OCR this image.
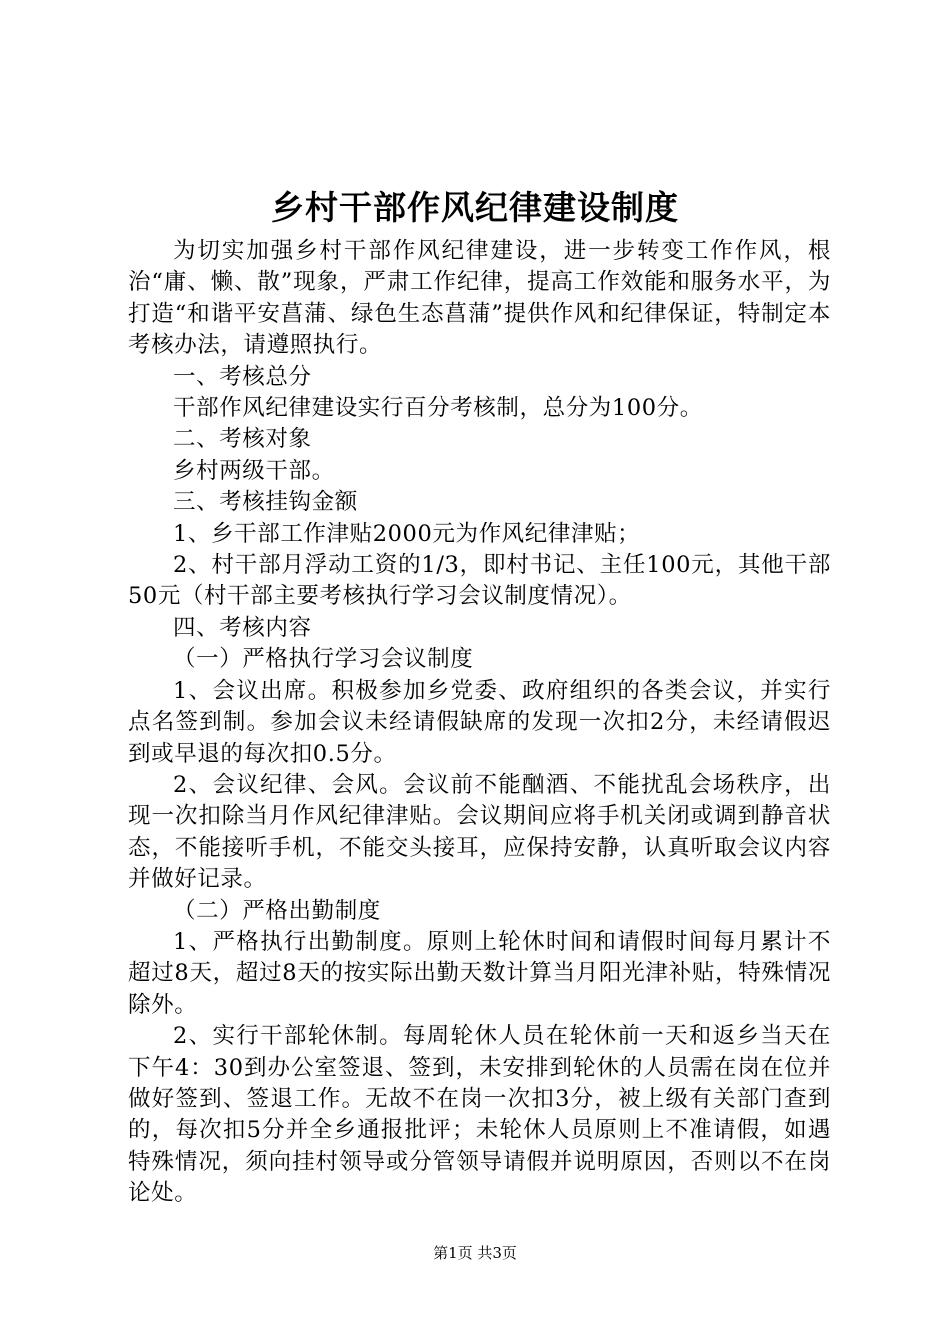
乡村干部作风纪律建设制度

为切实加强乡村干部作风纪律建设，进一步转变工作作风，根治“庸、懒、散”现象，严肃工作纪律，提高工作效能和服务水平，为打造“和谐平安菖蒲、绿色生态菖蒲”提供作风和纪律保证，特制定本考核办法，请遵照执行。

一、考核总分

干部作风纪律建设实行百分考核制，总分为100分。

二、考核对象

乡村两级干部。

三、考核挂钩金额

1、乡干部工作津贴2000元为作风纪律津贴；

2、村干部月浮动工资的1/3，即村书记、主任100元，其他干部50元（村干部主要考核执行学习会议制度情况）。

四、考核内容

（一）严格执行学习会议制度

1、会议出席。积极参加乡党委、政府组织的各类会议，并实行点名签到制。参加会议未经请假缺席的发现一次扣2分，未经请假迟到或早退的每次扣0.5分。

2、会议纪律、会风。会议前不能酗酒、不能扰乱会场秩序，出现一次扣除当月作风纪律津贴。会议期间应将手机关闭或调到静音状态，不能接听手机，不能交头接耳，应保持安静，认真听取会议内容并做好记录。

（二）严格出勤制度

1、严格执行出勤制度。原则上轮休时间和请假时间每月累计不超过8天，超过8天的按实际出勤天数计算当月阳光津补贴，特殊情况除外。

2、实行干部轮休制。每周轮休人员在轮休前一天和返乡当天在下午4：30到办公室签退、签到，未安排到轮休的人员需在岗在位并做好签到、签退工作。无故不在岗一次扣3分，被上级有关部门查到的，每次扣5分并全乡通报批评；未轮休人员原则上不准请假，如遇特殊情况，须向挂村领导或分管领导请假并说明原因，否则以不在岗论处。

第1页 共3页
